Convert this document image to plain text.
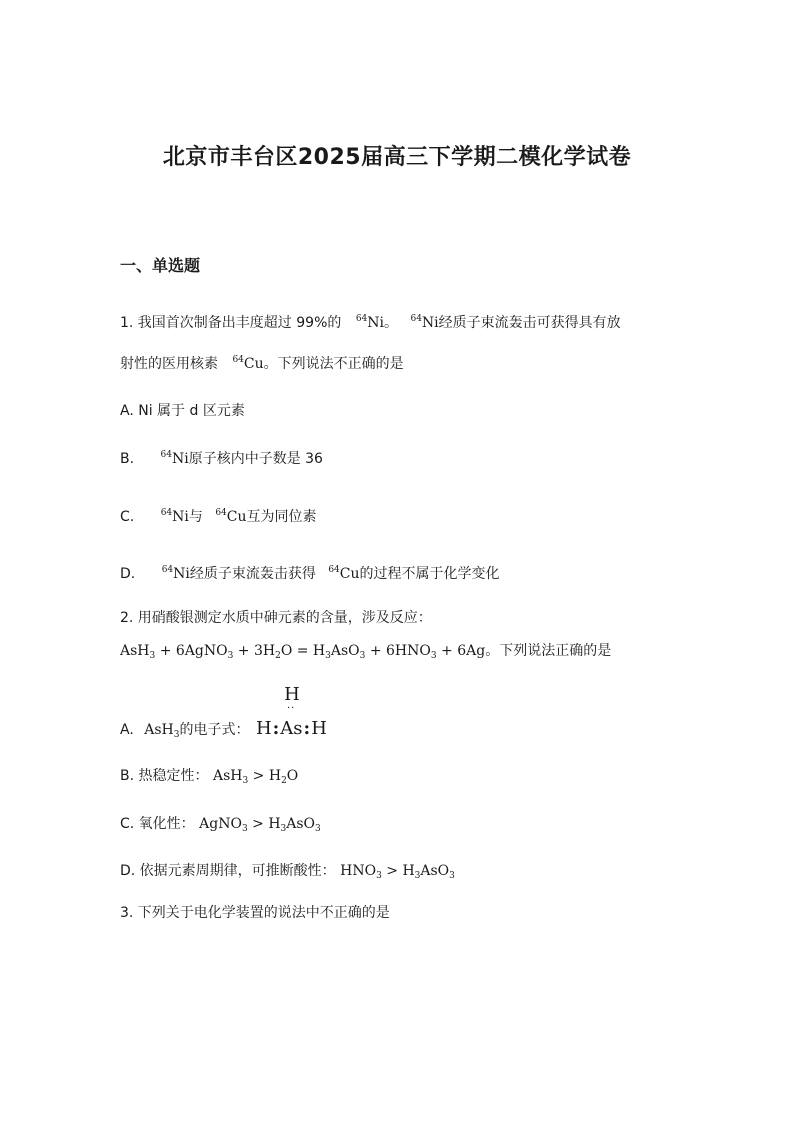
北京市丰台区2025届高三下学期二模化学试卷
一、单选题
1. 我国首次制备出丰度超过 99%的 $^{64}$Ni。 $^{64}$Ni经质子束流轰击可获得具有放
射性的医用核素 $^{64}$Cu。下列说法不正确的是
A. Ni 属于 d 区元素
B.	$^{64}$Ni原子核内中子数是 36
C.	$^{64}$Ni与 $^{64}$Cu互为同位素
D.	$^{64}$Ni经质子束流轰击获得 $^{64}$Cu的过程不属于化学变化
2. 用硝酸银测定水质中砷元素的含量，涉及反应：
AsH$_3$ + 6AgNO$_3$ + $3H_2O = H_3AsO_3 + 6HNO_3 + 6Ag$。下列说法正确的是
A. AsH$_3$的电子式：
H
··
H:As:H
B. 热稳定性： $AsH_3 > H_2O$
C. 氧化性： AgNO$_3$ > $H_3AsO_3$
D. 依据元素周期律，可推断酸性： $HNO_3 > H_3AsO_3$
3. 下列关于电化学装置的说法中不正确的是
